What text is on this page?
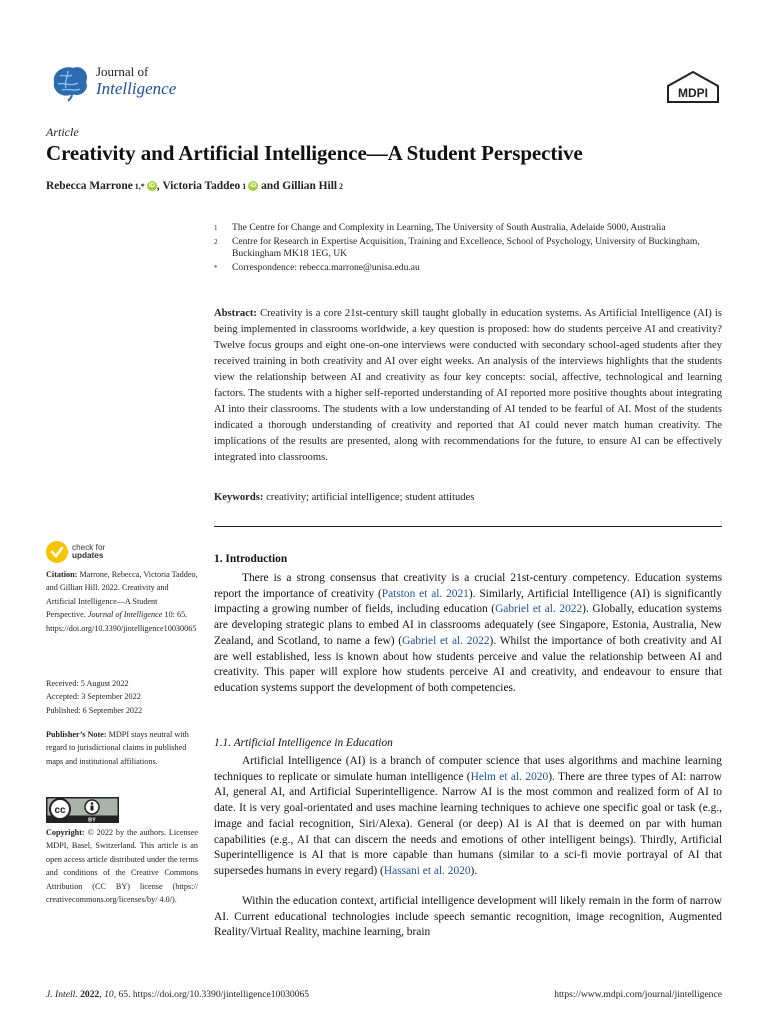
Journal of
Intelligence	MDPI
Article
Creativity and Artificial Intelligence—A Student Perspective
Rebecca Marrone 1,* iD , Victoria Taddeo 1 iD and Gillian Hill 2
1	The Centre for Change and Complexity in Learning, The University of South Australia, Adelaide 5000, Australia
2	Centre for Research in Expertise Acquisition, Training and Excellence, School of Psychology, University of Buckingham, Buckingham MK18 1EG, UK
*	Correspondence: rebecca.marrone@unisa.edu.au
Abstract: Creativity is a core 21st-century skill taught globally in education systems. As Artificial Intelligence (AI) is being implemented in classrooms worldwide, a key question is proposed: how do students perceive AI and creativity? Twelve focus groups and eight one-on-one interviews were conducted with secondary school-aged students after they received training in both creativity and AI over eight weeks. An analysis of the interviews highlights that the students view the relationship between AI and creativity as four key concepts: social, affective, technological and learning factors. The students with a higher self-reported understanding of AI reported more positive thoughts about integrating AI into their classrooms. The students with a low understanding of AI tended to be fearful of AI. Most of the students indicated a thorough understanding of creativity and reported that AI could never match human creativity. The implications of the results are presented, along with recommendations for the future, to ensure AI can be effectively integrated into classrooms.
Keywords: creativity; artificial intelligence; student attitudes
check for
updates
Citation: Marrone, Rebecca, Victoria Taddeo, and Gillian Hill. 2022. Creativity and Artificial Intelligence—A Student Perspective. Journal of Intelligence 10: 65. https://doi.org/10.3390/jintelligence10030065
Received: 5 August 2022
Accepted: 3 September 2022
Published: 6 September 2022
Publisher’s Note: MDPI stays neutral with regard to jurisdictional claims in published maps and institutional affiliations.
cc
BY
Copyright: © 2022 by the authors. Licensee MDPI, Basel, Switzerland. This article is an open access article distributed under the terms and conditions of the Creative Commons Attribution (CC BY) license (https:// creativecommons.org/licenses/by/ 4.0/).
1. Introduction
There is a strong consensus that creativity is a crucial 21st-century competency. Education systems report the importance of creativity (Patston et al. 2021). Similarly, Artificial Intelligence (AI) is significantly impacting a growing number of fields, including education (Gabriel et al. 2022). Globally, education systems are developing strategic plans to embed AI in classrooms adequately (see Singapore, Estonia, Australia, New Zealand, and Scotland, to name a few) (Gabriel et al. 2022). Whilst the importance of both creativity and AI are well established, less is known about how students perceive and value the relationship between AI and creativity. This paper will explore how students perceive AI and creativity, and endeavour to ensure that education systems support the development of both competencies.
1.1. Artificial Intelligence in Education
Artificial Intelligence (AI) is a branch of computer science that uses algorithms and machine learning techniques to replicate or simulate human intelligence (Helm et al. 2020). There are three types of AI: narrow AI, general AI, and Artificial Superintelligence. Narrow AI is the most common and realized form of AI to date. It is very goal-orientated and uses machine learning techniques to achieve one specific goal or task (e.g., image and facial recognition, Siri/Alexa). General (or deep) AI is AI that is deemed on par with human capabilities (e.g., AI that can discern the needs and emotions of other intelligent beings). Thirdly, Artificial Superintelligence is AI that is more capable than humans (similar to a sci-fi movie portrayal of AI that supersedes humans in every regard) (Hassani et al. 2020).
Within the education context, artificial intelligence development will likely remain in the form of narrow AI. Current educational technologies include speech semantic recognition, image recognition, Augmented Reality/Virtual Reality, machine learning, brain
J. Intell. 2022, 10, 65. https://doi.org/10.3390/jintelligence10030065	https://www.mdpi.com/journal/jintelligence
